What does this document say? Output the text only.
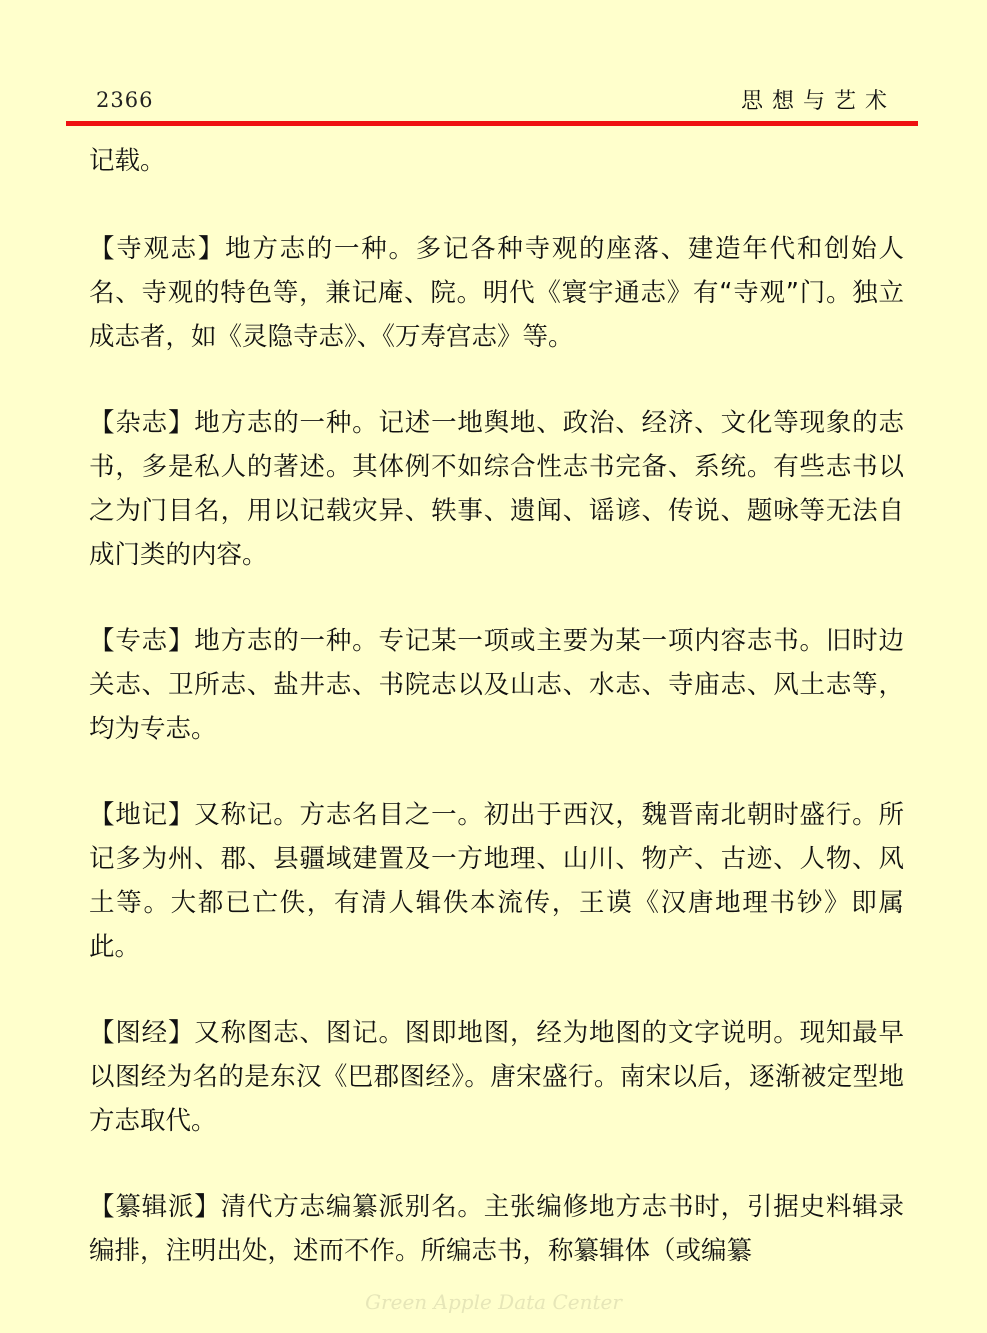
2366	思想与艺术

记载。

【寺观志】地方志的一种。多记各种寺观的座落、建造年代和创始人名、寺观的特色等，兼记庵、院。明代《寰宇通志》有“寺观”门。独立成志者，如《灵隐寺志》、《万寿宫志》等。

【杂志】地方志的一种。记述一地舆地、政治、经济、文化等现象的志书，多是私人的著述。其体例不如综合性志书完备、系统。有些志书以之为门目名，用以记载灾异、轶事、遗闻、谣谚、传说、题咏等无法自成门类的内容。

【专志】地方志的一种。专记某一项或主要为某一项内容志书。旧时边关志、卫所志、盐井志、书院志以及山志、水志、寺庙志、风土志等，均为专志。

【地记】又称记。方志名目之一。初出于西汉，魏晋南北朝时盛行。所记多为州、郡、县疆域建置及一方地理、山川、物产、古迹、人物、风土等。大都已亡佚，有清人辑佚本流传，王谟《汉唐地理书钞》即属此。

【图经】又称图志、图记。图即地图，经为地图的文字说明。现知最早以图经为名的是东汉《巴郡图经》。唐宋盛行。南宋以后，逐渐被定型地方志取代。

【纂辑派】清代方志编纂派别名。主张编修地方志书时，引据史料辑录编排，注明出处，述而不作。所编志书，称纂辑体（或编纂

Green Apple Data Center
